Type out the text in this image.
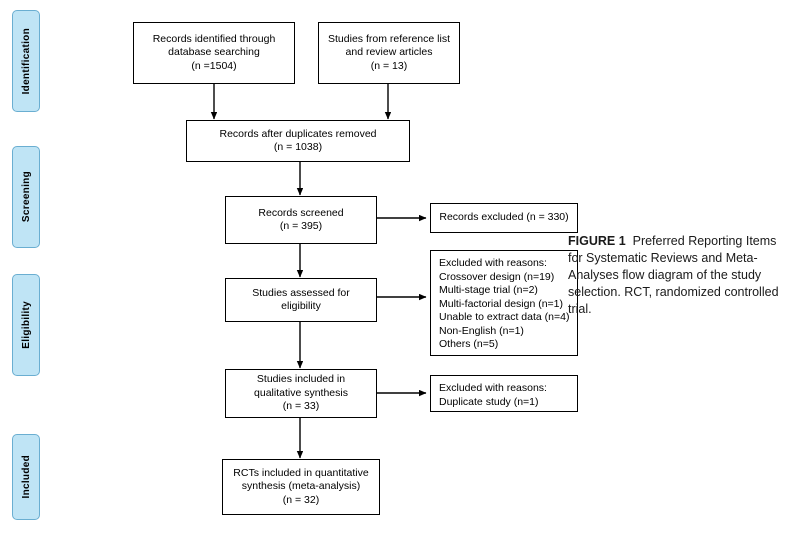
Identification
Screening
Eligibility
Included
Records identified through
database searching
(n =1504)
Studies from reference list
and review articles
(n = 13)
Records after duplicates removed
(n = 1038)
Records screened
(n = 395)
Records excluded (n = 330)
Studies assessed for
eligibility
Excluded with reasons:
Crossover design (n=19)
Multi-stage trial (n=2)
Multi-factorial design (n=1)
Unable to extract data (n=4)
Non-English (n=1)
Others (n=5)
Studies included in
qualitative synthesis
(n = 33)
Excluded with reasons:
Duplicate study (n=1)
RCTs included in quantitative
synthesis (meta-analysis)
(n = 32)
FIGURE 1 Preferred Reporting Items for Systematic Reviews and Meta-Analyses flow diagram of the study selection. RCT, randomized controlled trial.
